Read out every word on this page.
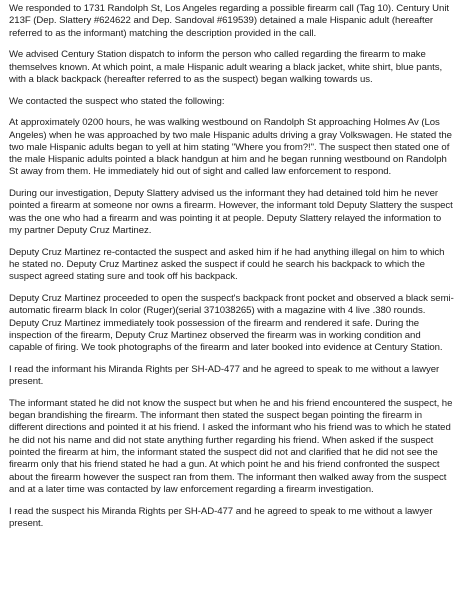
We responded to 1731 Randolph St, Los Angeles regarding a possible firearm call (Tag 10). Century Unit 213F (Dep. Slattery #624622 and Dep. Sandoval #619539) detained a male Hispanic adult (hereafter referred to as the informant) matching the description provided in the call.

We advised Century Station dispatch to inform the person who called regarding the firearm to make themselves known. At which point, a male Hispanic adult wearing a black jacket, white shirt, blue pants, with a black backpack (hereafter referred to as the suspect) began walking towards us.

We contacted the suspect who stated the following:

At approximately 0200 hours, he was walking westbound on Randolph St approaching Holmes Av (Los Angeles) when he was approached by two male Hispanic adults driving a gray Volkswagen. He stated the two male Hispanic adults began to yell at him stating "Where you from?!". The suspect then stated one of the male Hispanic adults pointed a black handgun at him and he began running westbound on Randolph St away from them. He immediately hid out of sight and called law enforcement to respond.

During our investigation, Deputy Slattery advised us the informant they had detained told him he never pointed a firearm at someone nor owns a firearm. However, the informant told Deputy Slattery the suspect was the one who had a firearm and was pointing it at people. Deputy Slattery relayed the information to my partner Deputy Cruz Martinez.

Deputy Cruz Martinez re-contacted the suspect and asked him if he had anything illegal on him to which he stated no. Deputy Cruz Martinez asked the suspect if could he search his backpack to which the suspect agreed stating sure and took off his backpack.

Deputy Cruz Martinez proceeded to open the suspect's backpack front pocket and observed a black semi-automatic firearm black In color (Ruger)(serial 371038265) with a magazine with 4 live .380 rounds. Deputy Cruz Martinez immediately took possession of the firearm and rendered it safe. During the inspection of the firearm, Deputy Cruz Martinez observed the firearm was in working condition and capable of firing. We took photographs of the firearm and later booked into evidence at Century Station.

I read the informant his Miranda Rights per SH-AD-477 and he agreed to speak to me without a lawyer present.

The informant stated he did not know the suspect but when he and his friend encountered the suspect, he began brandishing the firearm. The informant then stated the suspect began pointing the firearm in different directions and pointed it at his friend. I asked the informant who his friend was to which he stated he did not his name and did not state anything further regarding his friend. When asked if the suspect pointed the firearm at him, the informant stated the suspect did not and clarified that he did not see the firearm only that his friend stated he had a gun. At which point he and his friend confronted the suspect about the firearm however the suspect ran from them. The informant then walked away from the suspect and at a later time was contacted by law enforcement regarding a firearm investigation.

I read the suspect his Miranda Rights per SH-AD-477 and he agreed to speak to me without a lawyer present.
